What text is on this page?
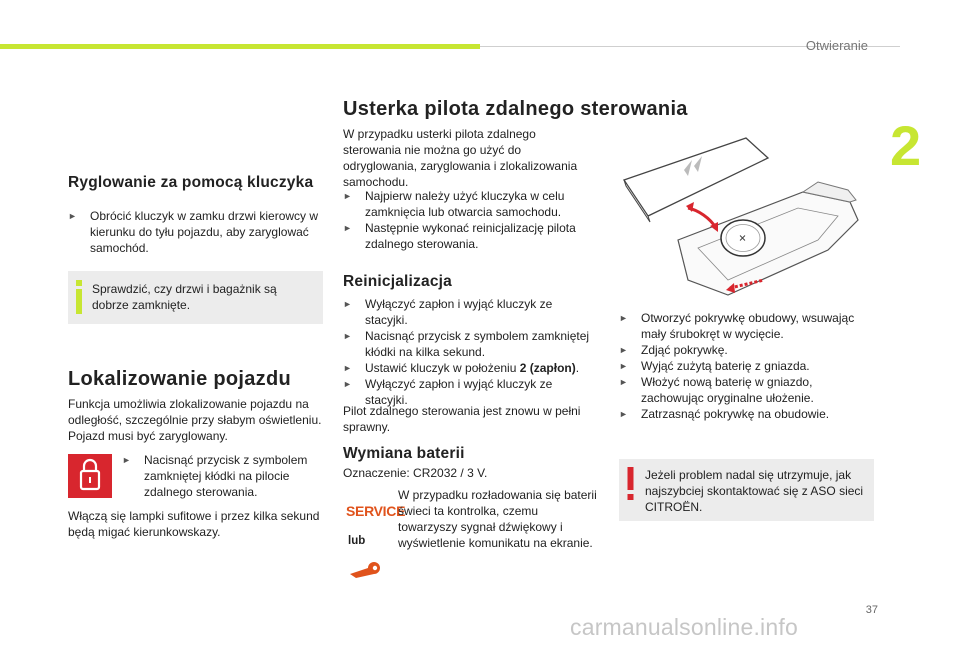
Otwieranie
2
Ryglowanie za pomocą kluczyka

► Obrócić kluczyk w zamku drzwi kierowcy w kierunku do tyłu pojazdu, aby zaryglować samochód.

Sprawdzić, czy drzwi i bagażnik są dobrze zamknięte.
Lokalizowanie pojazdu

Funkcja umożliwia zlokalizowanie pojazdu na odległość, szczególnie przy słabym oświetleniu. Pojazd musi być zaryglowany.

► Nacisnąć przycisk z symbolem zamkniętej kłódki na pilocie zdalnego sterowania.

Włączą się lampki sufitowe i przez kilka sekund będą migać kierunkowskazy.

Usterka pilota zdalnego sterowania

W przypadku usterki pilota zdalnego sterowania nie można go użyć do odryglowania, zaryglowania i zlokalizowania samochodu.

► Najpierw należy użyć kluczyka w celu zamknięcia lub otwarcia samochodu.

► Następnie wykonać reinicjalizację pilota zdalnego sterowania.

Reinicjalizacja

► Wyłączyć zapłon i wyjąć kluczyk ze stacyjki.

► Nacisnąć przycisk z symbolem zamkniętej kłódki na kilka sekund.

► Ustawić kluczyk w położeniu 2 (zapłon).

► Wyłączyć zapłon i wyjąć kluczyk ze stacyjki.

Pilot zdalnego sterowania jest znowu w pełni sprawny.

Wymiana baterii

Oznaczenie: CR2032 / 3 V.

SERVICE
lub

W przypadku rozładowania się baterii świeci ta kontrolka, czemu towarzyszy sygnał dźwiękowy i wyświetlenie komunikatu na ekranie.

► Otworzyć pokrywkę obudowy, wsuwając mały śrubokręt w wycięcie.

► Zdjąć pokrywkę.

► Wyjąć zużytą baterię z gniazda.

► Włożyć nową baterię w gniazdo, zachowując oryginalne ułożenie.

► Zatrzasnąć pokrywkę na obudowie.

Jeżeli problem nadal się utrzymuje, jak najszybciej skontaktować się z ASO sieci CITROËN.
37
carmanualsonline.info
